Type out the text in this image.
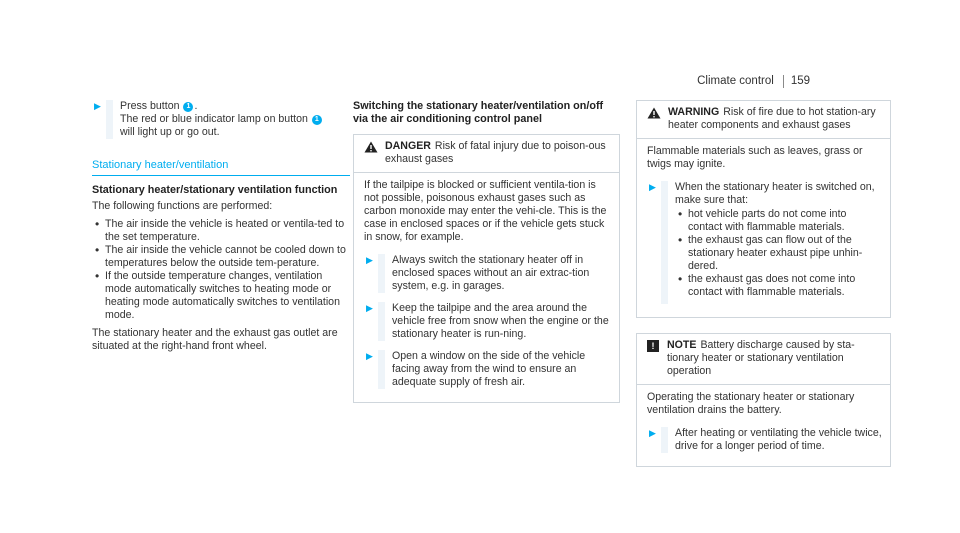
Climate control	159
▶	Press button 1 .
The red or blue indicator lamp on button 1
will light up or go out.
Stationary heater/ventilation
Stationary heater/stationary ventilation function

The following functions are performed:

• The air inside the vehicle is heated or ventila-ted to the set temperature.
• The air inside the vehicle cannot be cooled down to temperatures below the outside tem-perature.
• If the outside temperature changes, ventilation mode automatically switches to heating mode or heating mode automatically switches to ventilation mode.

The stationary heater and the exhaust gas outlet are situated at the right-hand front wheel.

Switching the stationary heater/ventilation on/off via the air conditioning control panel
DANGER Risk of fatal injury due to poison-ous exhaust gases

If the tailpipe is blocked or sufficient ventila-tion is not possible, poisonous exhaust gases such as carbon monoxide may enter the vehi-cle. This is the case in enclosed spaces or if the vehicle gets stuck in snow, for example.

▶	Always switch the stationary heater off in enclosed spaces without an air extrac-tion system, e.g. in garages.
▶	Keep the tailpipe and the area around the vehicle free from snow when the engine or the stationary heater is run-ning.
▶	Open a window on the side of the vehicle facing away from the wind to ensure an adequate supply of fresh air.
WARNING Risk of fire due to hot station-ary heater components and exhaust gases

Flammable materials such as leaves, grass or twigs may ignite.

▶	When the stationary heater is switched on, make sure that:
• hot vehicle parts do not come into contact with flammable materials.
• the exhaust gas can flow out of the stationary heater exhaust pipe unhin-dered.
• the exhaust gas does not come into contact with flammable materials.
!	NOTE Battery discharge caused by sta-tionary heater or stationary ventilation operation

Operating the stationary heater or stationary ventilation drains the battery.

▶	After heating or ventilating the vehicle twice, drive for a longer period of time.
